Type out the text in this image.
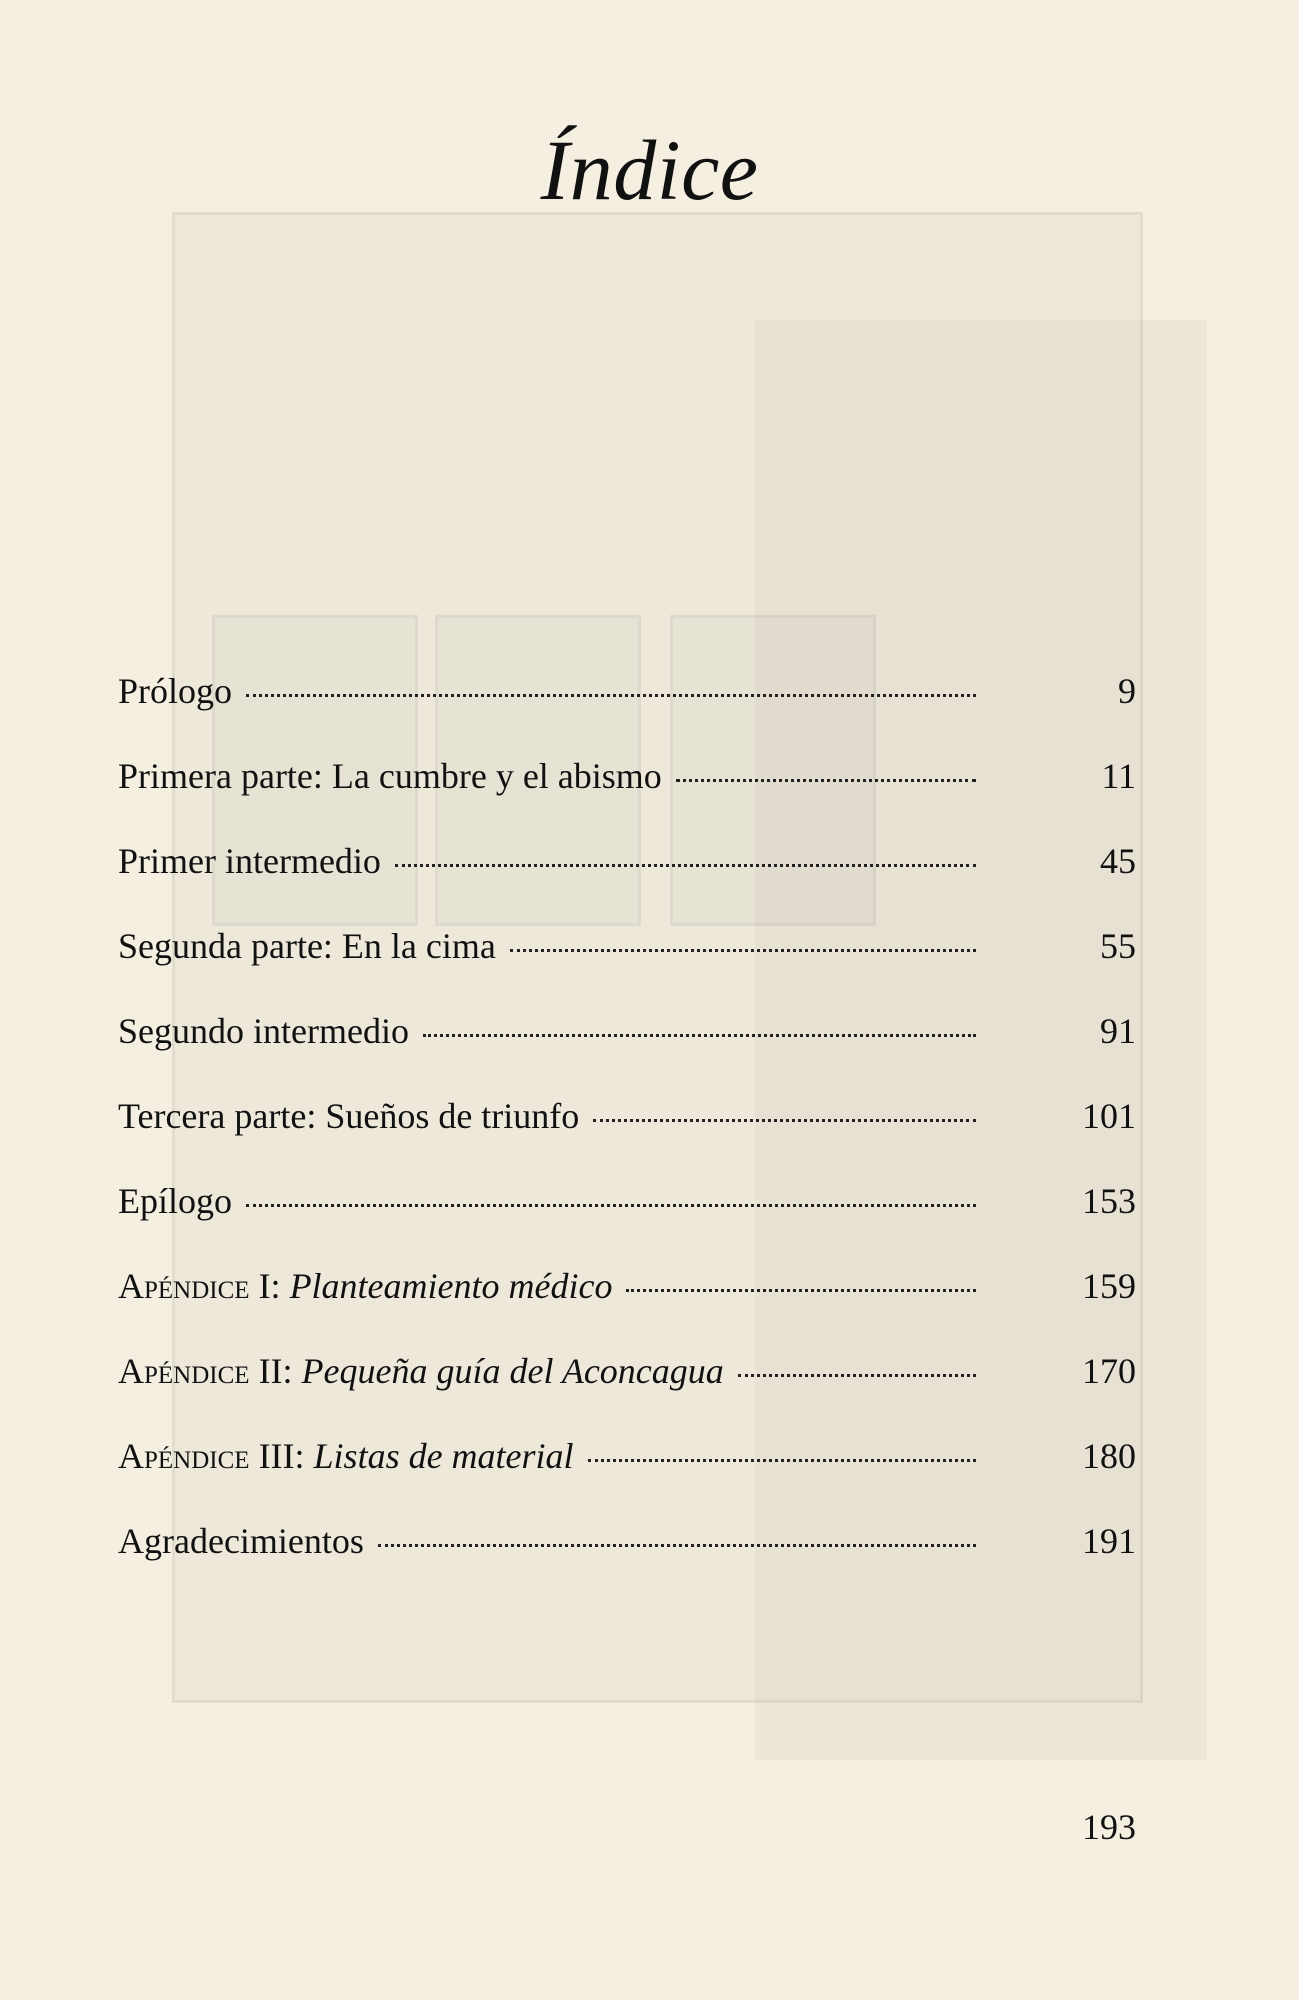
Índice
Prólogo	9
Primera parte: La cumbre y el abismo	11
Primer intermedio	45
Segunda parte: En la cima	55
Segundo intermedio	91
Tercera parte: Sueños de triunfo	101
Epílogo	153
Apéndice I: Planteamiento médico	159
Apéndice II: Pequeña guía del Aconcagua	170
Apéndice III: Listas de material	180
Agradecimientos	191
193
